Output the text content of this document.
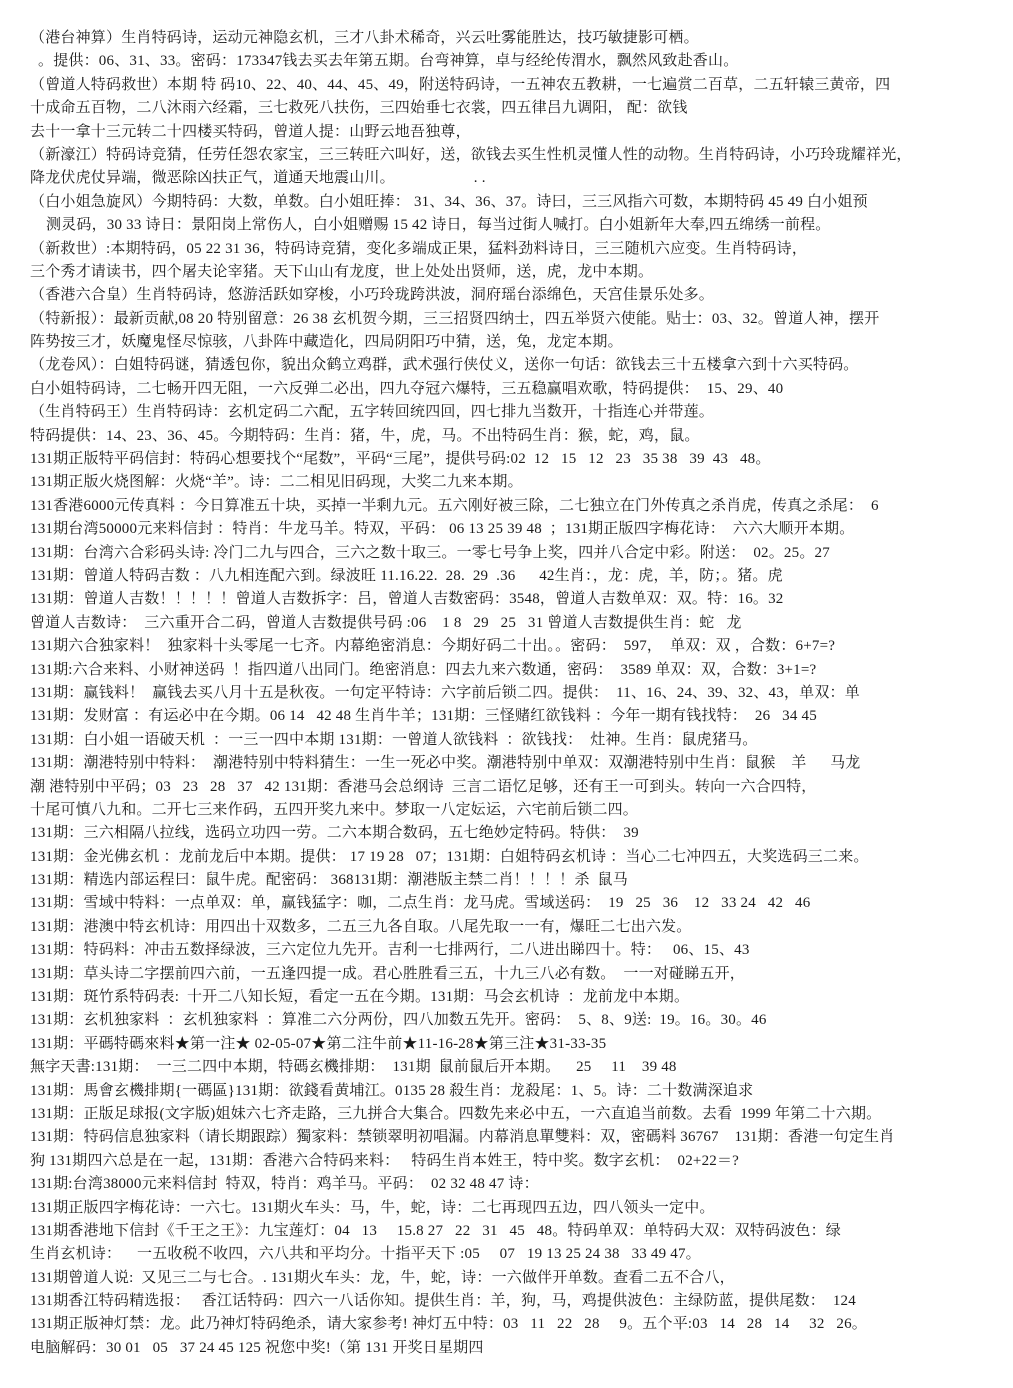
（港台神算）生肖特码诗，运动元神隐玄机，三才八卦术稀奇，兴云吐雾能胜达，技巧敏捷影可栖。
。提供：06、31、33。密码：173347钱去买去年第五期。台弯神算，卓与经纶传渭水，飘然风致赴香山。
（曾道人特码救世）本期 特 码10、22、40、44、45、49，附送特码诗，一五神农五教耕，一七遍赏二百草，二五轩辕三黄帝，四
十成命五百物，二八沐雨六经霜，三七救死八扶伤，三四始垂七衣裳，四五律吕九调阳， 配：欲钱
去十一拿十三元转二十四楼买特码，曾道人提：山野云地吾独尊，
（新濠江）特码诗竞猜，任劳任怨农家宝，三三转旺六叫好，送，欲钱去买生性机灵懂人性的动物。生肖特码诗，小巧玲珑耀祥光，
降龙伏虎仗异端，微恶除凶扶正气，道通天地震山川。                    . .
（白小姐急旋风）今期特码：大数，单数。白小姐旺捧： 31、34、36、37。诗曰，三三风指六可数，本期特码 45 49 白小姐预
测灵码，30 33 诗日：景阳岗上常伤人，白小姐赠赐 15 42 诗日，每当过街人喊打。白小姐新年大奉,四五绵绣一前程。
（新救世）:本期特码，05 22 31 36，特码诗竞猜，变化多端成正果，猛料劲料诗日，三三随机六应变。生肖特码诗，
三个秀才请读书，四个屠夫论宰猪。天下山山有龙度，世上处处出贤师，送，虎，龙中本期。
（香港六合皇）生肖特码诗，悠游活跃如穿梭，小巧玲珑跨洪波，洞府瑶台添绵色，天宫佳景乐处多。
（特新报）：最新贡献,08 20 特别留意：26 38 玄机贺今期，三三招贤四纳士，四五举贤六使能。贴士：03、32。曾道人神，摆开
阵势按三才，妖魔鬼怪尽惊骇，八卦阵中藏造化，四局阴阳巧中猜，送，兔，龙定本期。
（龙卷风）：白姐特码谜，猜透包你，貌出众鹤立鸡群，武术强行侠仗义，送你一句话：欲钱去三十五楼拿六到十六买特码。
白小姐特码诗，二七畅开四无阻，一六反弹二必出，四九夺冠六爆特，三五稳赢唱欢歌，特码提供：  15、29、40
（生肖特码王）生肖特码诗：玄机定码二六配，五字转回统四回，四七排九当数开，十指连心并带莲。
特码提供：14、23、36、45。今期特码：生肖：猪，牛，虎，马。不出特码生肖：猴，蛇，鸡，鼠。
131期正版特平码信封：特码心想要找个“尾数”，平码“三尾”，提供号码:02  12   15   12   23   35 38   39  43   48。
131期正版火烧图解：火烧“羊”。诗：二二相见旧码现，大奖二九来本期。
131香港6000元传真料 ：今日算准五十块，买掉一半剩九元。五六刚好被三除，二七独立在门外传真之杀肖虎，传真之杀尾：  6
131期台湾50000元来料信封 ：特肖：牛龙马羊。特双，平码： 06 13 25 39 48  ；131期正版四字梅花诗：  六六大顺开本期。
131期：台湾六合彩码头诗: 冷门二九与四合，三六之数十取三。一零七号争上奖，四并八合定中彩。附送：  02。25。27
131期：曾道人特码吉数 ：八九相连配六到。绿波旺 11.16.22.  28.  29  .36      42生肖：，龙：虎，羊，防；。猪。虎
131期：曾道人吉数！！！！！曾道人吉数拆字：吕，曾道人吉数密码：3548，曾道人吉数单双：双。特：16。32
曾道人吉数诗：  三六重开合二码，曾道人吉数提供号码 :06    1 8   29   25   31 曾道人吉数提供生肖：蛇   龙
131期六合独家料！  独家料十头零尾一七齐。内幕绝密消息：今期好码二十出。。密码：  597，  单双：双 ，合数：6+7=?
131期:六合来料、小财神送码  ！指四道八出同门。绝密消息：四去九来六数通，密码：  3589 单双：双，合数：3+1=?
131期：赢钱料！  赢钱去买八月十五是秋夜。一句定平特诗：六字前后锁二四。提供：  11、16、24、39、32、43，单双：单
131期：发财富 ：有运必中在今期。06 14   42 48 生肖牛羊；131期：三怪赌红欲钱料 ：今年一期有钱找特：  26   34 45
131期：白小姐一语破天机  ：一三一四中本期 131期：一曾道人欲钱料  ：欲钱找：  灶神。生肖：鼠虎猪马。
131期：潮港特别中特料：  潮港特别中特料猜生：一生一死必中奖。潮港特别中单双：双潮港特别中生肖：鼠猴    羊      马龙
潮 港特别中平码；03   23   28   37   42 131期：香港马会总纲诗  三言二语忆足够，还有王一可到头。转向一六合四特，
十尾可慎八九和。二开七三来作码，五四开奖九来中。梦取一八定妘运，六宅前后锁二四。
131期：三六相隔八拉线，选码立功四一劳。二六本期合数码，五七绝妙定特码。特供：  39
131期：金光佛玄机 ：龙前龙后中本期。提供： 17 19 28   07；131期：白姐特码玄机诗 ：当心二七冲四五，大奖选码三二来。
131期：精选内部运程曰：鼠牛虎。配密码： 368131期：潮港版主禁二肖！！！！杀  鼠马
131期：雪域中特料：一点单双：单，赢钱猛字：咖，二点生肖：龙马虎。雪域送码：  19   25   36    12   33 24   42   46
131期：港澳中特玄机诗：用四出十双数多，二五三九各自取。八尾先取一一有，爆旺二七出六发。
131期：特码料：冲击五数择绿波，三六定位九先开。吉利一七排两行，二八进出睇四十。特：   06、15、43
131期：草头诗二字摆前四六前，一五逢四提一成。君心胜胜看三五，十九三八必有数。  一一对碰睇五开，
131期：斑竹系特码表:  十开二八知长短，看定一五在今期。131期：马会玄机诗  ：龙前龙中本期。
131期：玄机独家料  ：玄机独家料  ：算准二六分两份，四八加数五先开。密码：  5、8、9送:  19。16。30。46
131期：平碼特碼來料★第一注★ 02-05-07★第二注牛前★11-16-28★第三注★31-33-35
無字天書:131期：  一三二四中本期，特碼玄機排期：  131期  鼠前鼠后开本期。    25     11    39 48
131期：馬會玄機排期{一碼區}131期：欲錢看黄埔江。0135 28 殺生肖：龙殺尾：1、5。诗：二十数满深追求
131期：正版足球报(文字版)姐妹六七齐走路，三九拼合大集合。四数先来必中五，一六直追当前数。去看  1999 年第二十六期。
131期：特码信息独家料（请长期跟踪）獨家料：禁锁翠明初唱漏。内幕消息單雙料：双，密碼料 36767    131期：香港一句定生肖
狗 131期四六总是在一起，131期：香港六合特码来料：   特码生肖本姓王，特中奖。数字玄机：  02+22＝?
131期:台湾38000元来料信封  特双，特肖：鸡羊马。平码：  02 32 48 47 诗：
131期正版四字梅花诗：一六七。131期火车头：马，牛，蛇，诗：二七再现四五边，四八领头一定中。
131期香港地下信封《千王之王》：九宝莲灯：04   13     15.8 27   22   31   45   48。特码单双：单特码大双：双特码波色：绿
生肖玄机诗：    一五收税不收四，六八共和平均分。十指平天下 :05     07   19 13 25 24 38   33 49 47。
131期曾道人说:  又见三二与七合。. 131期火车头：龙，牛，蛇，诗：一六做伴开单数。查看二五不合八，
131期香江特码精选报：   香江话特码：四六一八话你知。提供生肖：羊，狗，马，鸡提供波色：主绿防蓝，提供尾数：  124
131期正版神灯禁：龙。此乃神灯特码绝杀，请大家参考! 神灯五中特：03   11   22   28     9。五个平:03   14   28   14     32   26。
电脑解码：30 01   05   37 24 45 125 祝您中奖!（第 131 开奖日星期四
